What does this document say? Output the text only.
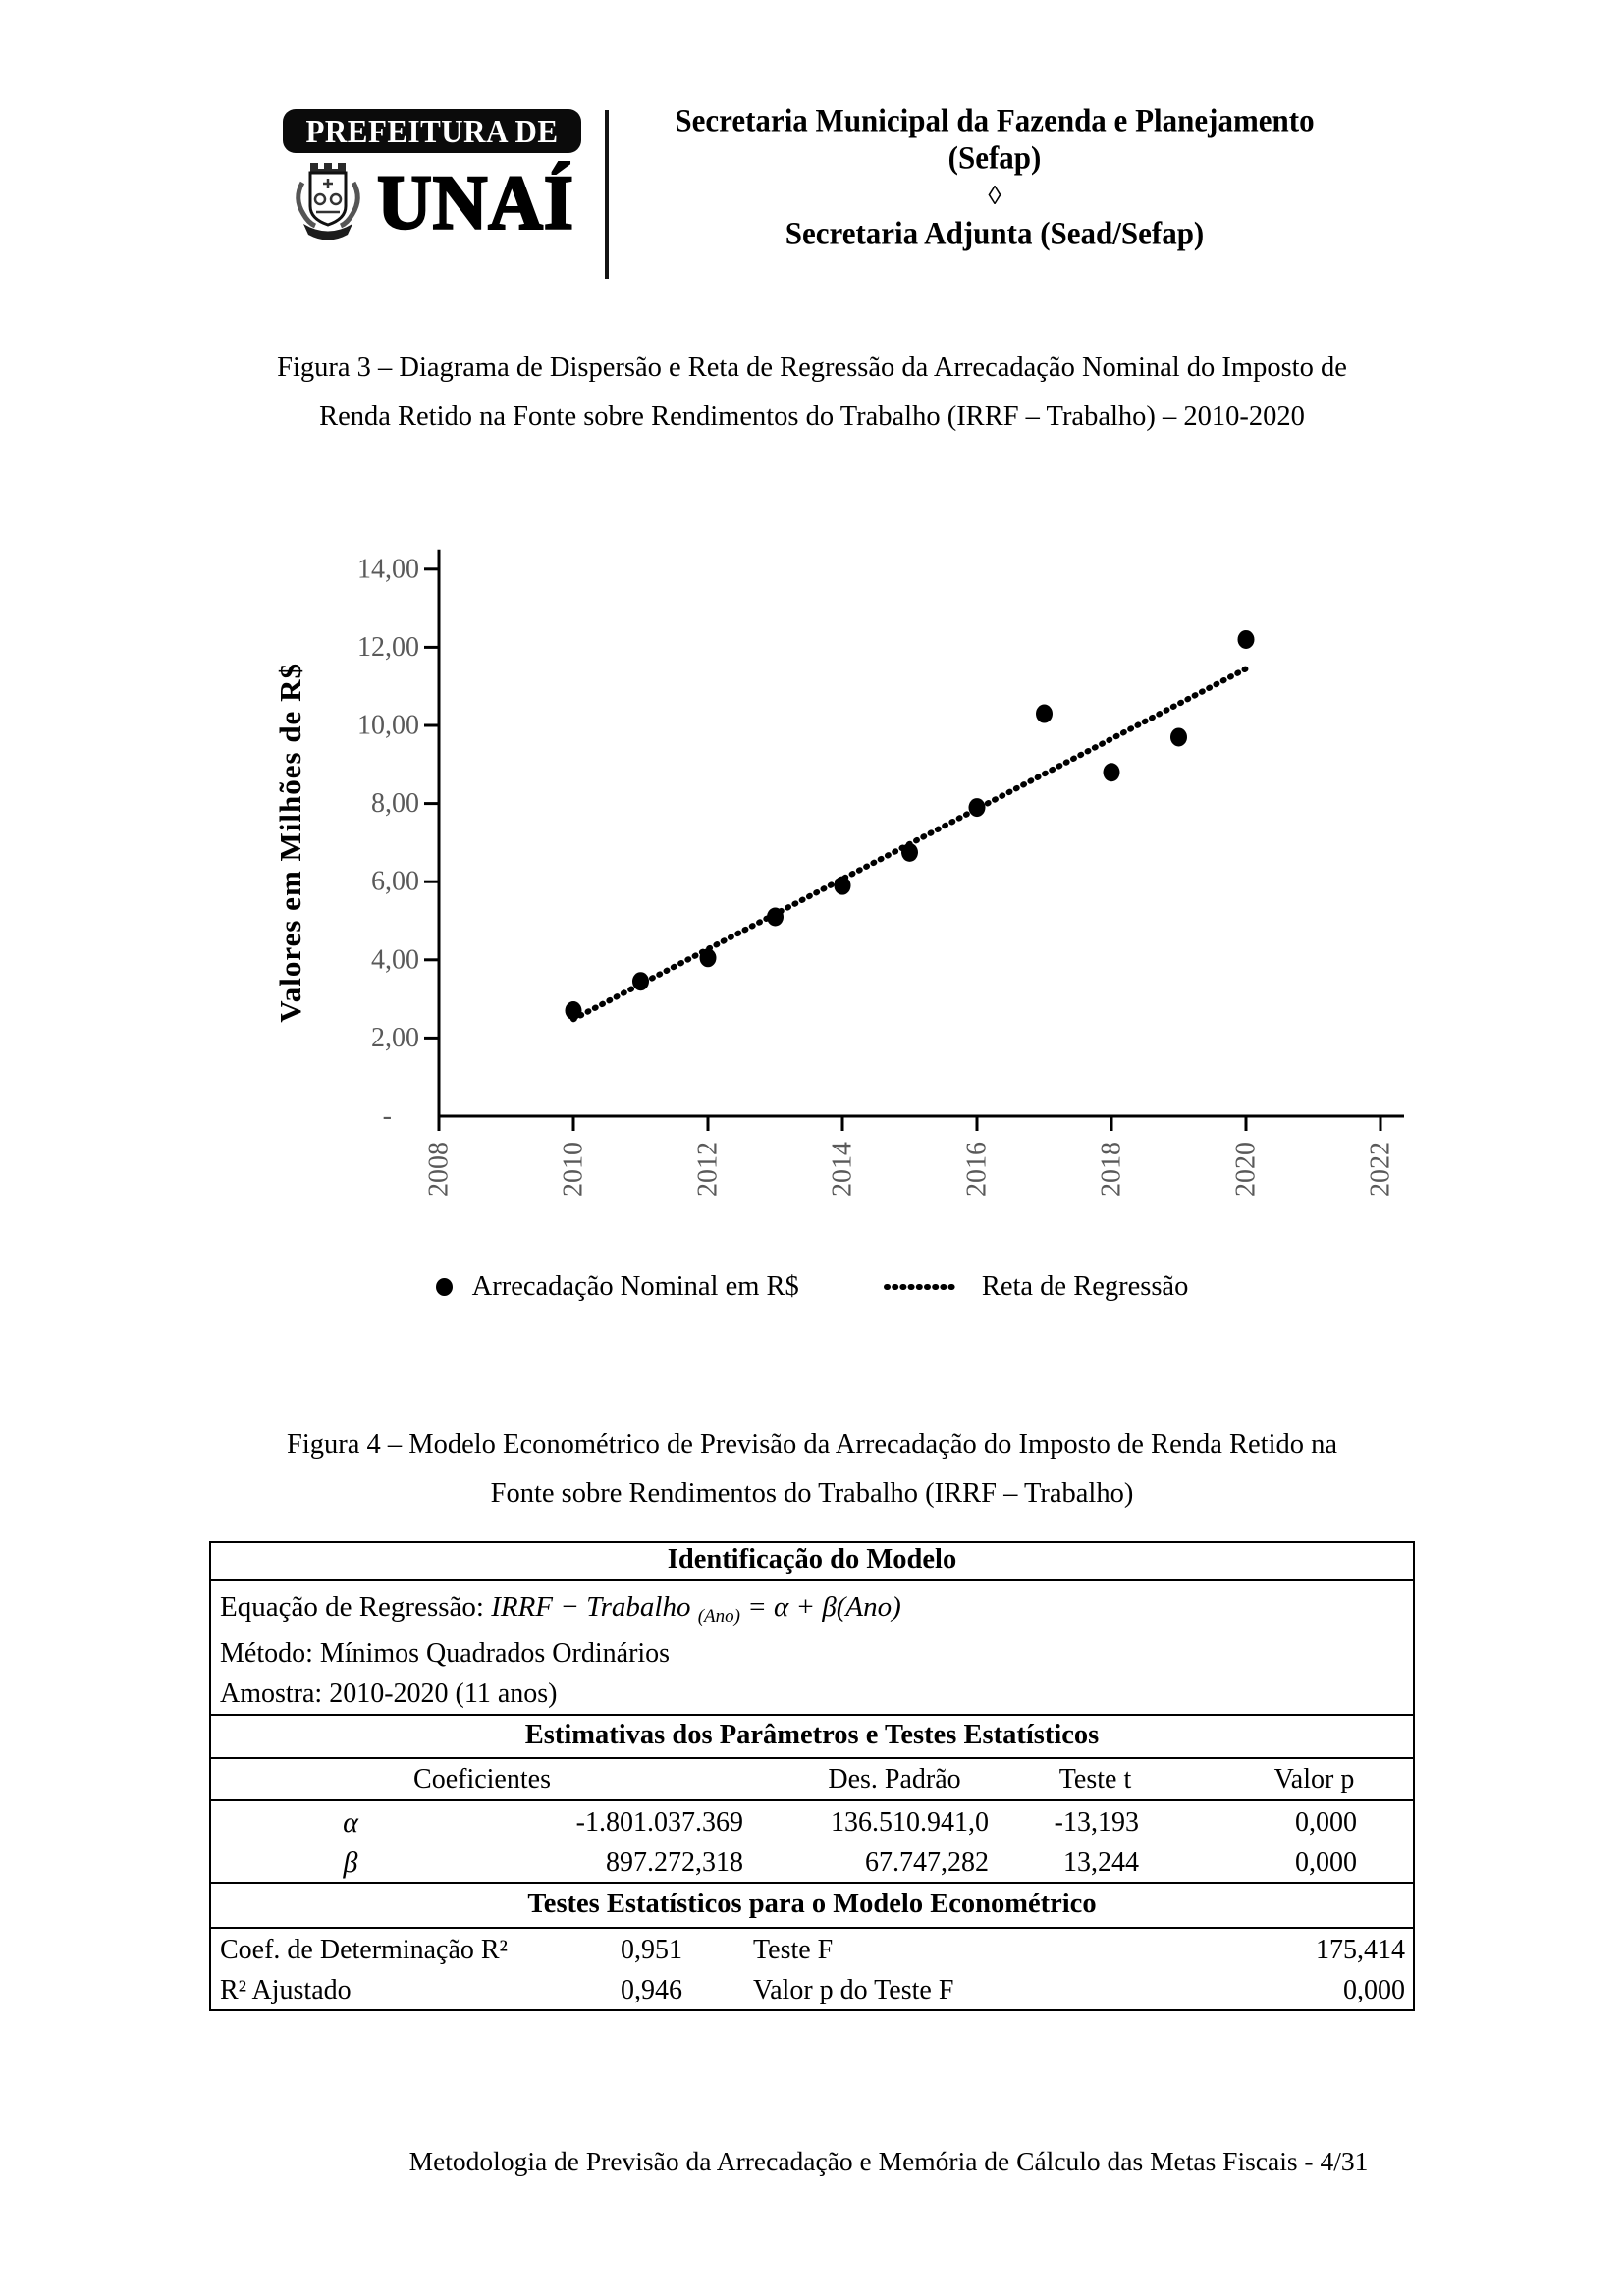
PREFEITURA DE
UNAÍ
Secretaria Municipal da Fazenda e Planejamento
(Sefap)
◊
Secretaria Adjunta (Sead/Sefap)
Figura 3 – Diagrama de Dispersão e Reta de Regressão da Arrecadação Nominal do Imposto de
Renda Retido na Fonte sobre Rendimentos do Trabalho (IRRF – Trabalho) – 2010-2020
-
2,00
4,00
6,00
8,00
10,00
12,00
14,00
2008	2010	2012	2014	2016	2018	2020	2022
Valores em Milhões de R$
Arrecadação Nominal em R$	Reta de Regressão
Figura 4 – Modelo Econométrico de Previsão da Arrecadação do Imposto de Renda Retido na
Fonte sobre Rendimentos do Trabalho (IRRF – Trabalho)
Identificação do Modelo
Equação de Regressão: IRRF − Trabalho (Ano) = α + β(Ano)
Método: Mínimos Quadrados Ordinários
Amostra: 2010-2020 (11 anos)
Estimativas dos Parâmetros e Testes Estatísticos
Coeficientes	Des. Padrão	Teste t	Valor p
α	-1.801.037.369	136.510.941,0	-13,193	0,000
β	897.272,318	67.747,282	13,244	0,000
Testes Estatísticos para o Modelo Econométrico
Coef. de Determinação R²	0,951	Teste F	175,414
R² Ajustado	0,946	Valor p do Teste F	0,000
Metodologia de Previsão da Arrecadação e Memória de Cálculo das Metas Fiscais - 4/31
